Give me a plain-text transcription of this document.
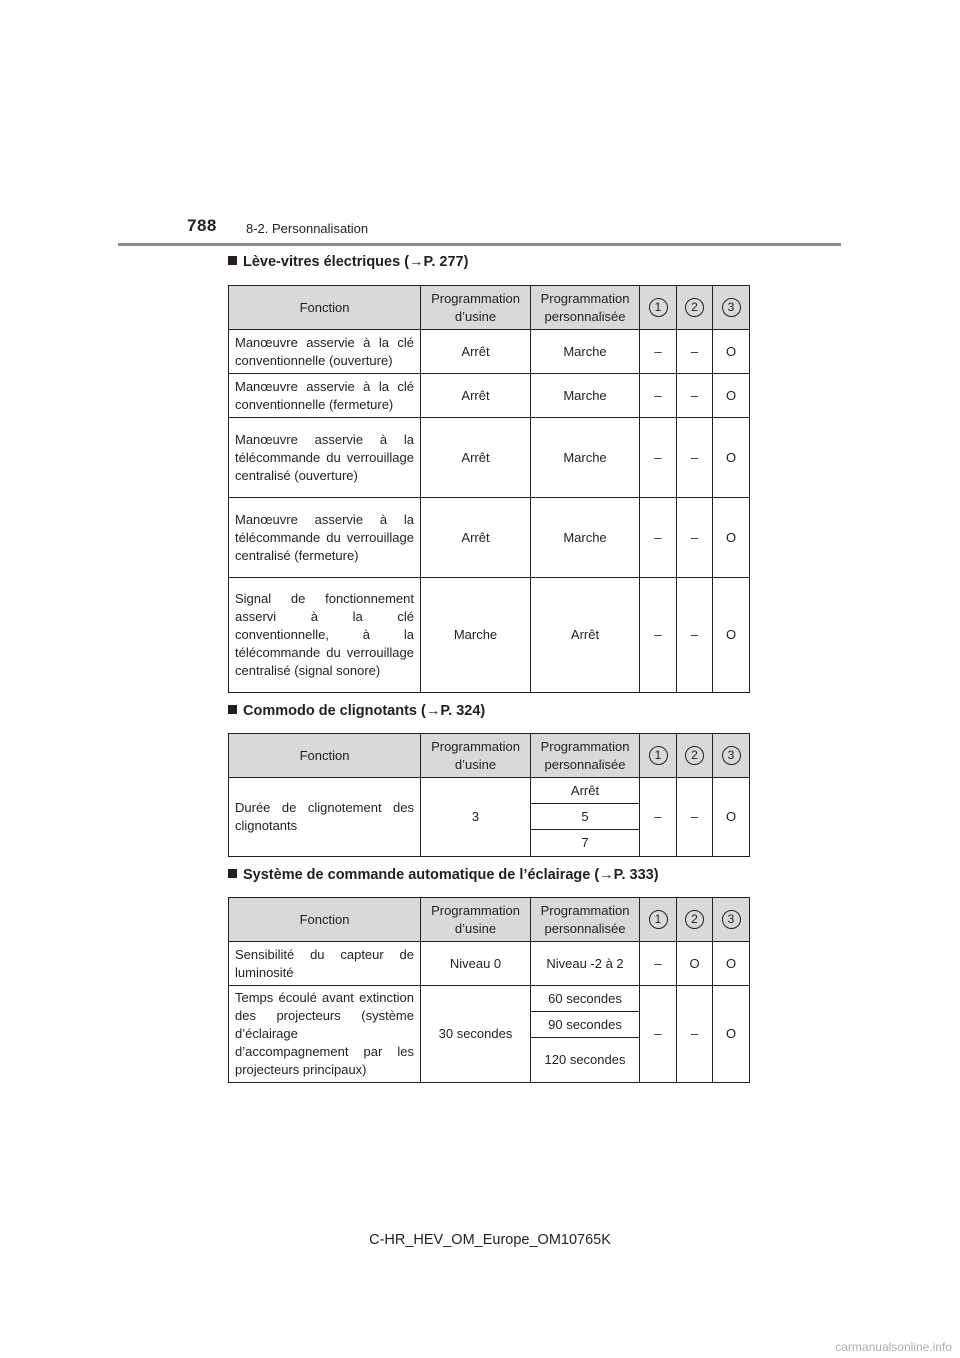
788 8-2. Personnalisation
Lève-vitres électriques (→P. 277)
Fonction	Programmation d’usine	Programmation personnalisée	1	2	3
Manœuvre asservie à la clé conventionnelle (ouverture)	Arrêt	Marche	–	–	O
Manœuvre asservie à la clé conventionnelle (fermeture)	Arrêt	Marche	–	–	O
Manœuvre asservie à la télécommande du verrouillage centralisé (ouverture)	Arrêt	Marche	–	–	O
Manœuvre asservie à la télécommande du verrouillage centralisé (fermeture)	Arrêt	Marche	–	–	O
Signal de fonctionnement asservi à la clé conventionnelle, à la télécommande du verrouillage centralisé (signal sonore)	Marche	Arrêt	–	–	O
Commodo de clignotants (→P. 324)
Fonction	Programmation d’usine	Programmation personnalisée	1	2	3
Durée de clignotement des clignotants	3	Arrêt	–	–	O
		5			
		7			
Système de commande automatique de l’éclairage (→P. 333)
Fonction	Programmation d’usine	Programmation personnalisée	1	2	3
Sensibilité du capteur de luminosité	Niveau 0	Niveau -2 à 2	–	O	O
Temps écoulé avant extinction des projecteurs (système d’éclairage d’accompagnement par les projecteurs principaux)	30 secondes	60 secondes	–	–	O
		90 secondes			
		120 secondes			
C-HR_HEV_OM_Europe_OM10765K
carmanualsonline.info
